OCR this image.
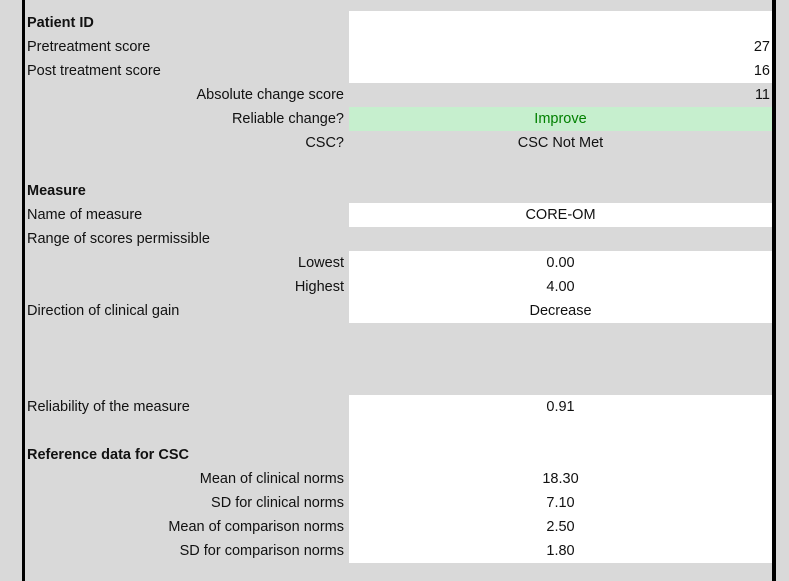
Patient ID
Pretreatment score	27
Post treatment score	16
Absolute change score	11
Reliable change?	Improve
CSC?	CSC Not Met
Measure
Name of measure	CORE-OM
Range of scores permissible
Lowest	0.00
Highest	4.00
Direction of clinical gain	Decrease
Reliability of the measure	0.91
Reference data for CSC
Mean of clinical norms	18.30
SD for clinical norms	7.10
Mean of comparison norms	2.50
SD for comparison norms	1.80
